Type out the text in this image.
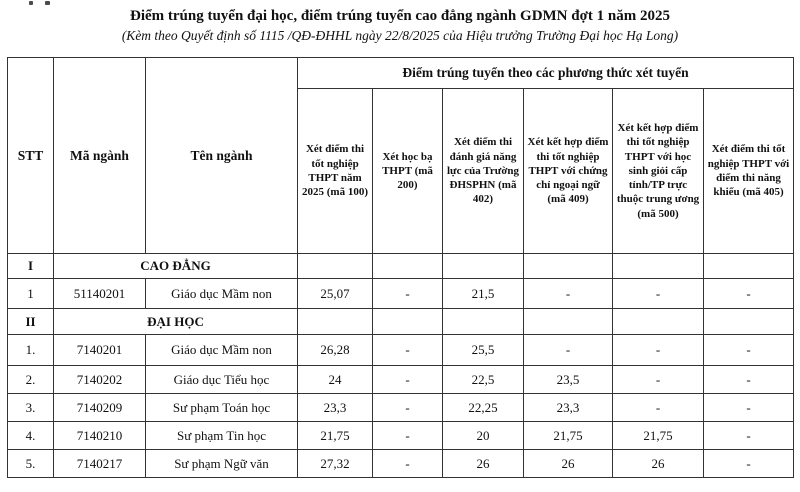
Điểm trúng tuyển đại học, điểm trúng tuyển cao đẳng ngành GDMN đợt 1 năm 2025
(Kèm theo Quyết định số 1115 /QĐ-ĐHHL ngày 22/8/2025 của Hiệu trưởng Trường Đại học Hạ Long)
STT	Mã ngành	Tên ngành	Điểm trúng tuyển theo các phương thức xét tuyển					
			Xét điểm thi tốt nghiệp THPT năm 2025 (mã 100)	Xét học bạ THPT (mã 200)	Xét điểm thi đánh giá năng lực của Trường ĐHSPHN (mã 402)	Xét kết hợp điểm thi tốt nghiệp THPT với chứng chỉ ngoại ngữ (mã 409)	Xét kết hợp điểm thi tốt nghiệp THPT với học sinh giỏi cấp tỉnh/TP trực thuộc trung ương (mã 500)	Xét điểm thi tốt nghiệp THPT với điểm thi năng khiếu (mã 405)
I	CAO ĐẲNG							
1	51140201	Giáo dục Mầm non	25,07	-	21,5	-	-	-
II	ĐẠI HỌC							
1.	7140201	Giáo dục Mầm non	26,28	-	25,5	-	-	-
2.	7140202	Giáo dục Tiểu học	24	-	22,5	23,5	-	-
3.	7140209	Sư phạm Toán học	23,3	-	22,25	23,3	-	-
4.	7140210	Sư phạm Tin học	21,75	-	20	21,75	21,75	-
5.	7140217	Sư phạm Ngữ văn	27,32	-	26	26	26	-
